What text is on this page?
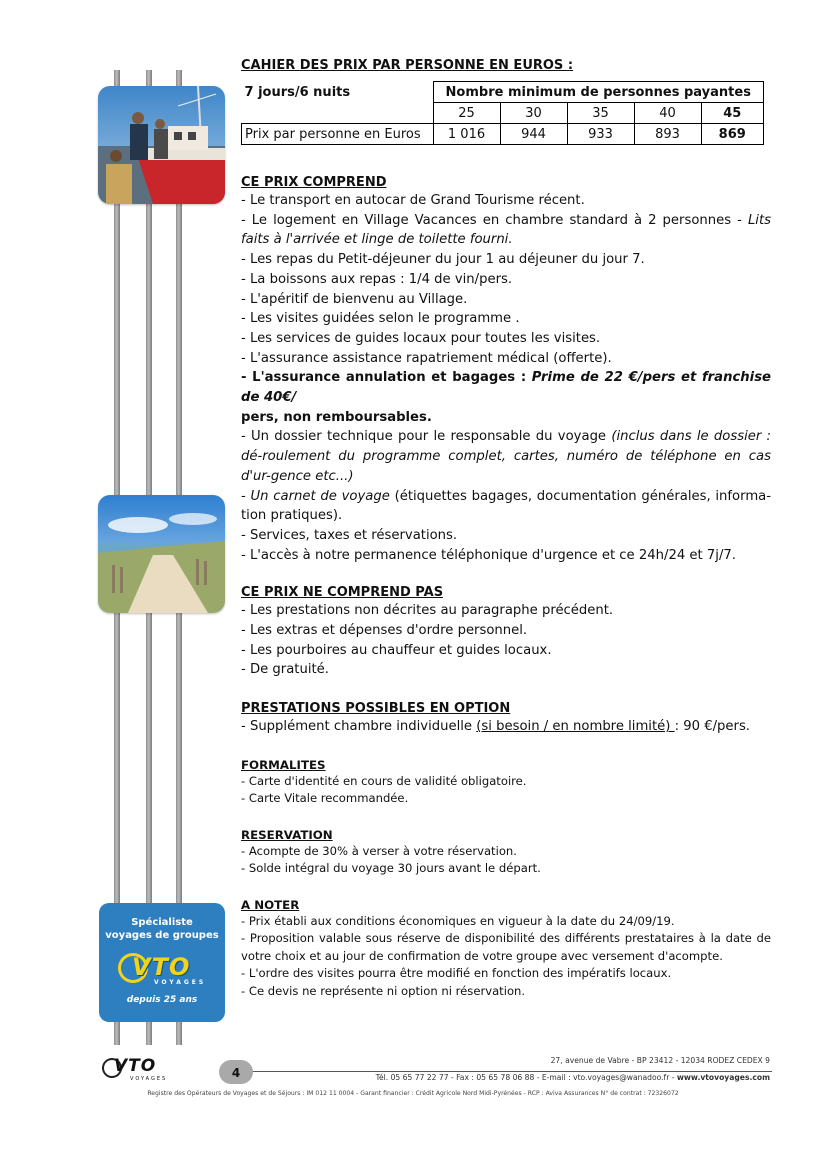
Spécialiste
voyages de groupes
VTO
VOYAGES
depuis 25 ans
CAHIER DES PRIX PAR PERSONNE EN EUROS :
7 jours/6 nuits	Nombre minimum de personnes payantes				
	25	30	35	40	45
Prix par personne en Euros	1 016	944	933	893	869
CE PRIX COMPREND
- Le transport en autocar de Grand Tourisme récent.
- Le logement en Village Vacances en chambre standard à 2 personnes - Lits faits à l'arrivée et linge de toilette fourni.
- Les repas du Petit-déjeuner du jour 1 au déjeuner du jour 7.
- La boissons aux repas : 1/4 de vin/pers.
- L'apéritif de bienvenu au Village.
- Les visites guidées selon le programme .
- Les services de guides locaux pour toutes les visites.
- L'assurance assistance rapatriement médical (offerte).
- L'assurance annulation et bagages : Prime de 22 €/pers et franchise de 40€/
pers, non remboursables.
- Un dossier technique pour le responsable du voyage (inclus dans le dossier : dé-roulement du programme complet, cartes, numéro de téléphone en cas d'ur-gence etc...)
- Un carnet de voyage (étiquettes bagages, documentation générales, informa-tion pratiques).
- Services, taxes et réservations.
- L'accès à notre permanence téléphonique d'urgence et ce 24h/24 et 7j/7.
CE PRIX NE COMPREND PAS
- Les prestations non décrites au paragraphe précédent.
- Les extras et dépenses d'ordre personnel.
- Les pourboires au chauffeur et guides locaux.
- De gratuité.
PRESTATIONS POSSIBLES EN OPTION
- Supplément chambre individuelle (si besoin / en nombre limité) : 90 €/pers.
FORMALITES
- Carte d'identité en cours de validité obligatoire.
- Carte Vitale recommandée.
RESERVATION
- Acompte de 30% à verser à votre réservation.
- Solde intégral du voyage 30 jours avant le départ.
A NOTER
- Prix établi aux conditions économiques en vigueur à la date du 24/09/19.
- Proposition valable sous réserve de disponibilité des différents prestataires à la date de votre choix et au jour de confirmation de votre groupe avec versement d'acompte.
- L'ordre des visites pourra être modifié en fonction des impératifs locaux.
- Ce devis ne représente ni option ni réservation.
VTO
VOYAGES	4
27, avenue de Vabre - BP 23412 - 12034 RODEZ CEDEX 9
Tél. 05 65 77 22 77 - Fax : 05 65 78 06 88 - E-mail : vto.voyages@wanadoo.fr - www.vtovoyages.com
Registre des Opérateurs de Voyages et de Séjours : IM 012 11 0004 - Garant financier : Crédit Agricole Nord Midi-Pyrénées - RCP : Aviva Assurances N° de contrat : 72326072
